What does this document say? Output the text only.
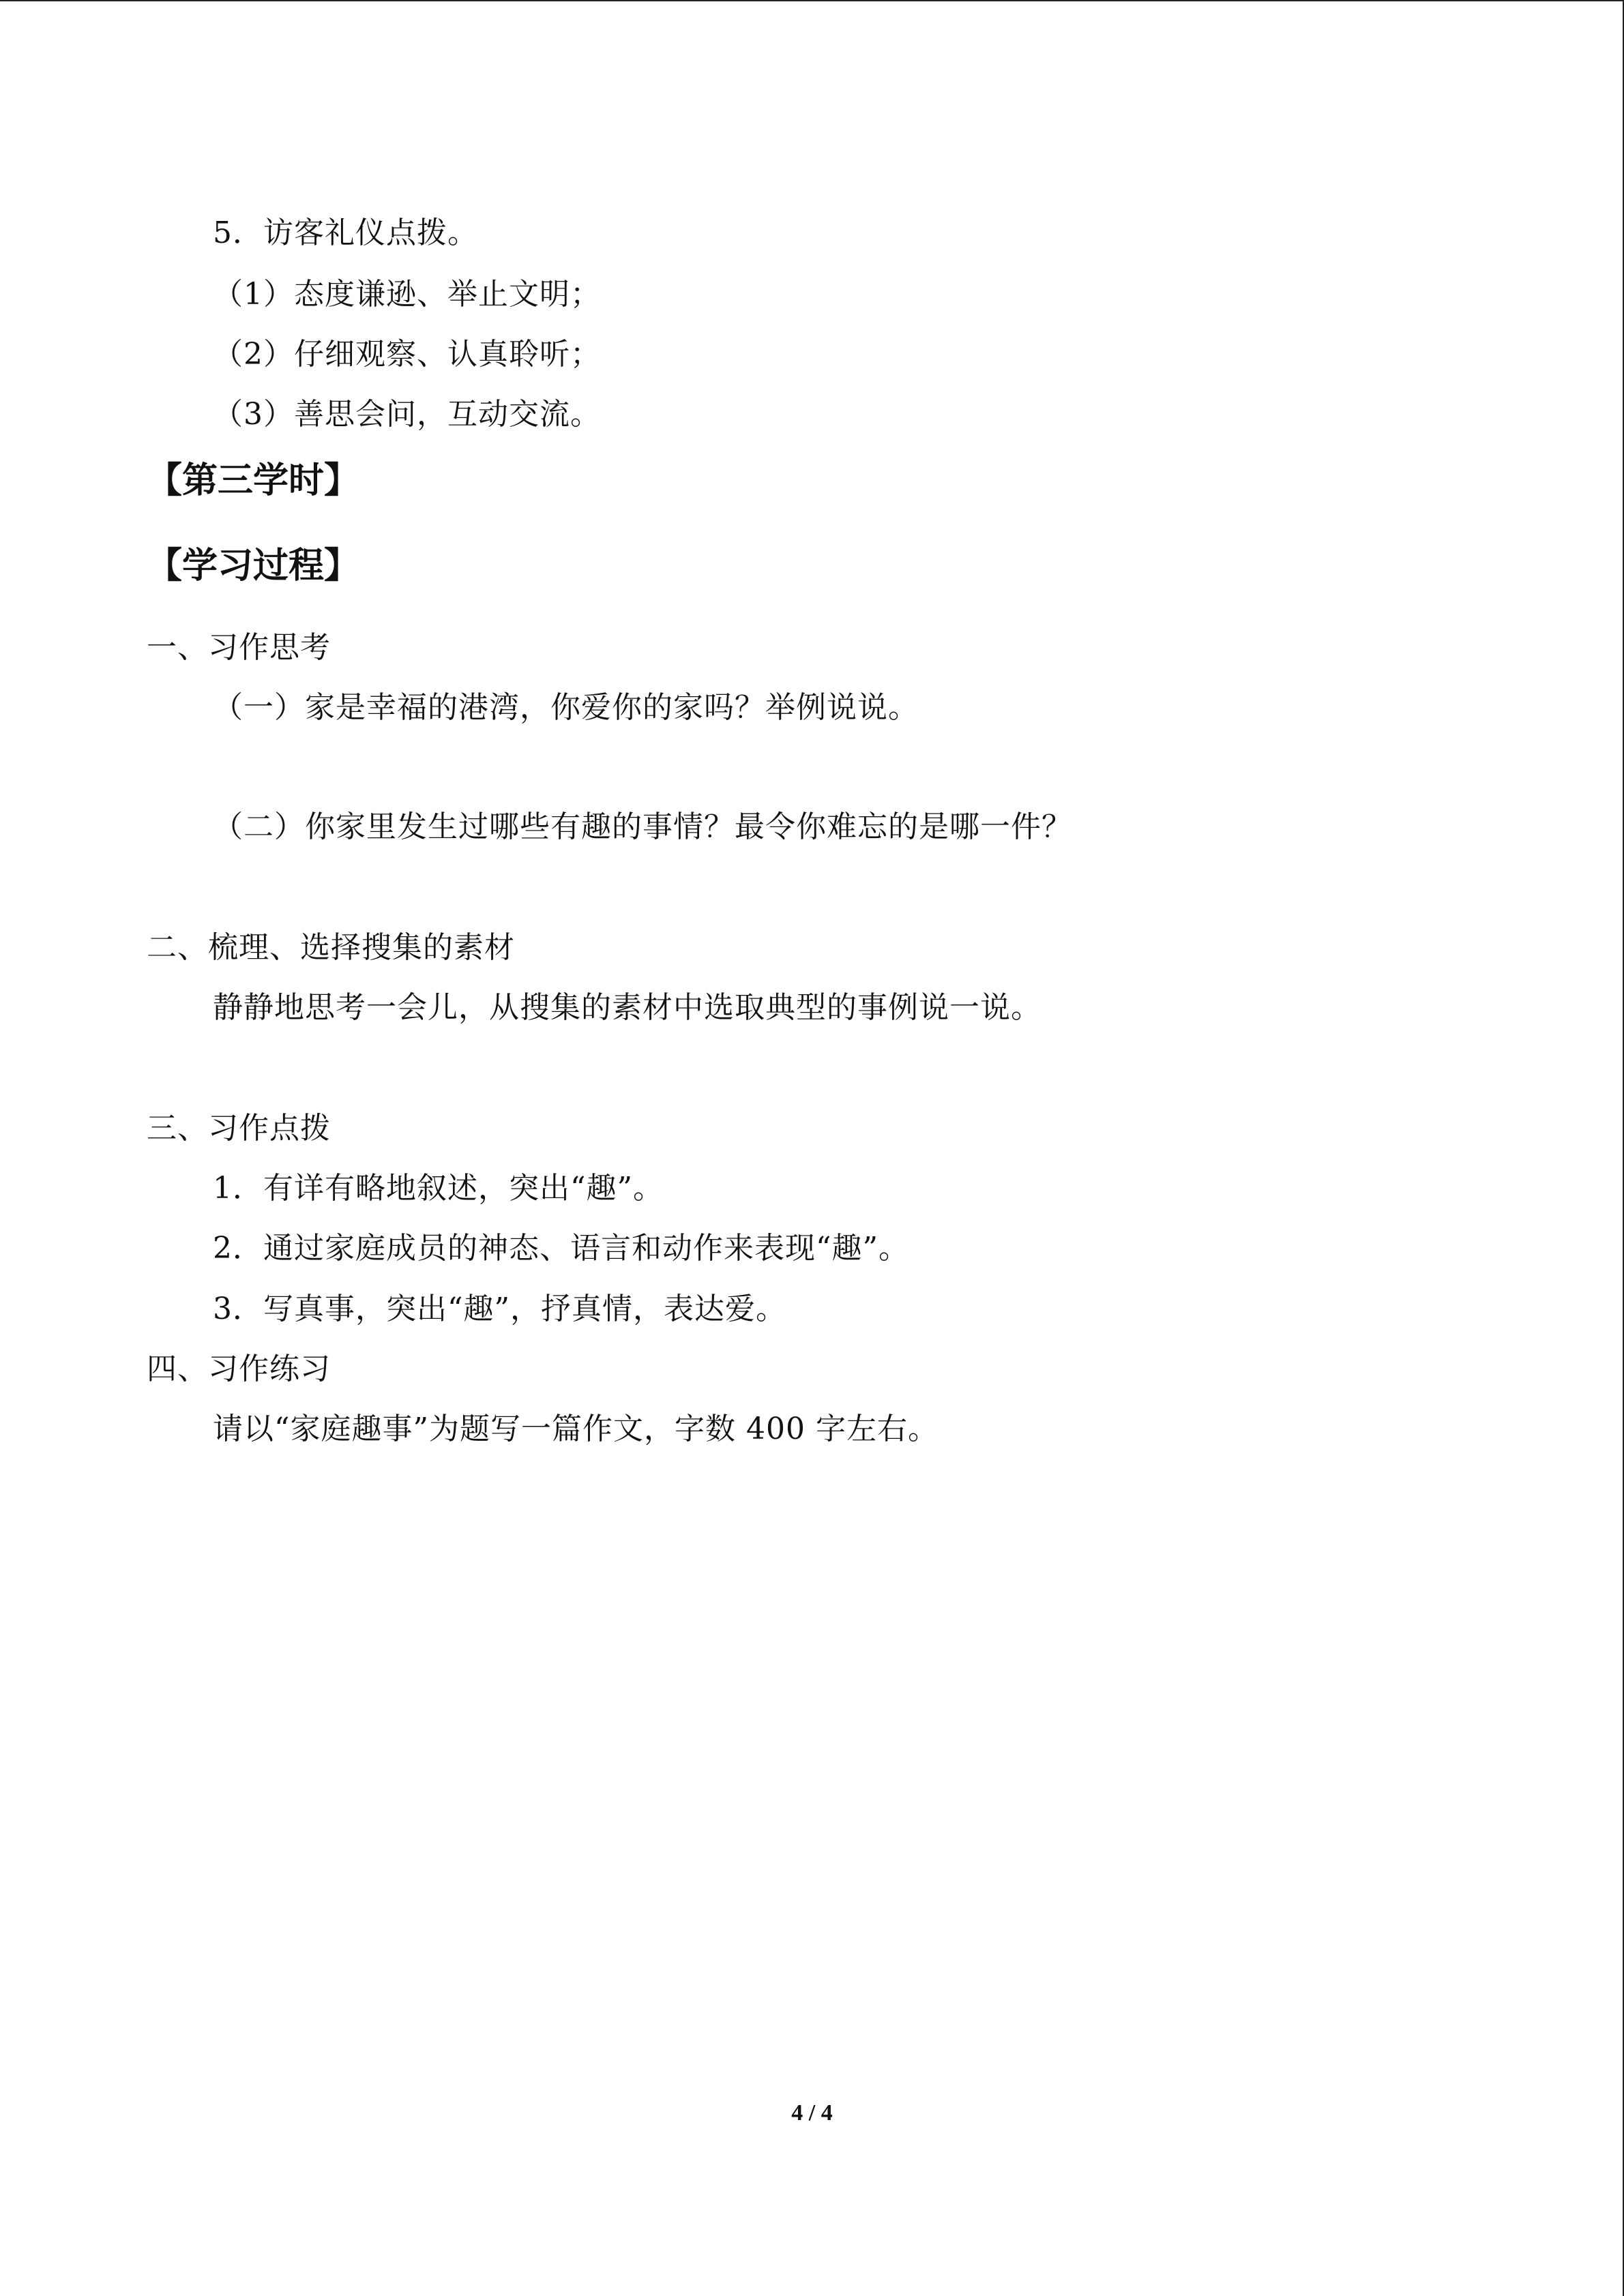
5．访客礼仪点拨。
（1）态度谦逊、举止文明；
（2）仔细观察、认真聆听；
（3）善思会问，互动交流。
【第三学时】
【学习过程】
一、习作思考
（一）家是幸福的港湾，你爱你的家吗？举例说说。
（二）你家里发生过哪些有趣的事情？最令你难忘的是哪一件？
二、梳理、选择搜集的素材
静静地思考一会儿，从搜集的素材中选取典型的事例说一说。
三、习作点拨
1．有详有略地叙述，突出“趣”。
2．通过家庭成员的神态、语言和动作来表现“趣”。
3．写真事，突出“趣”，抒真情，表达爱。
四、习作练习
请以“家庭趣事”为题写一篇作文，字数 400 字左右。
4 / 4
